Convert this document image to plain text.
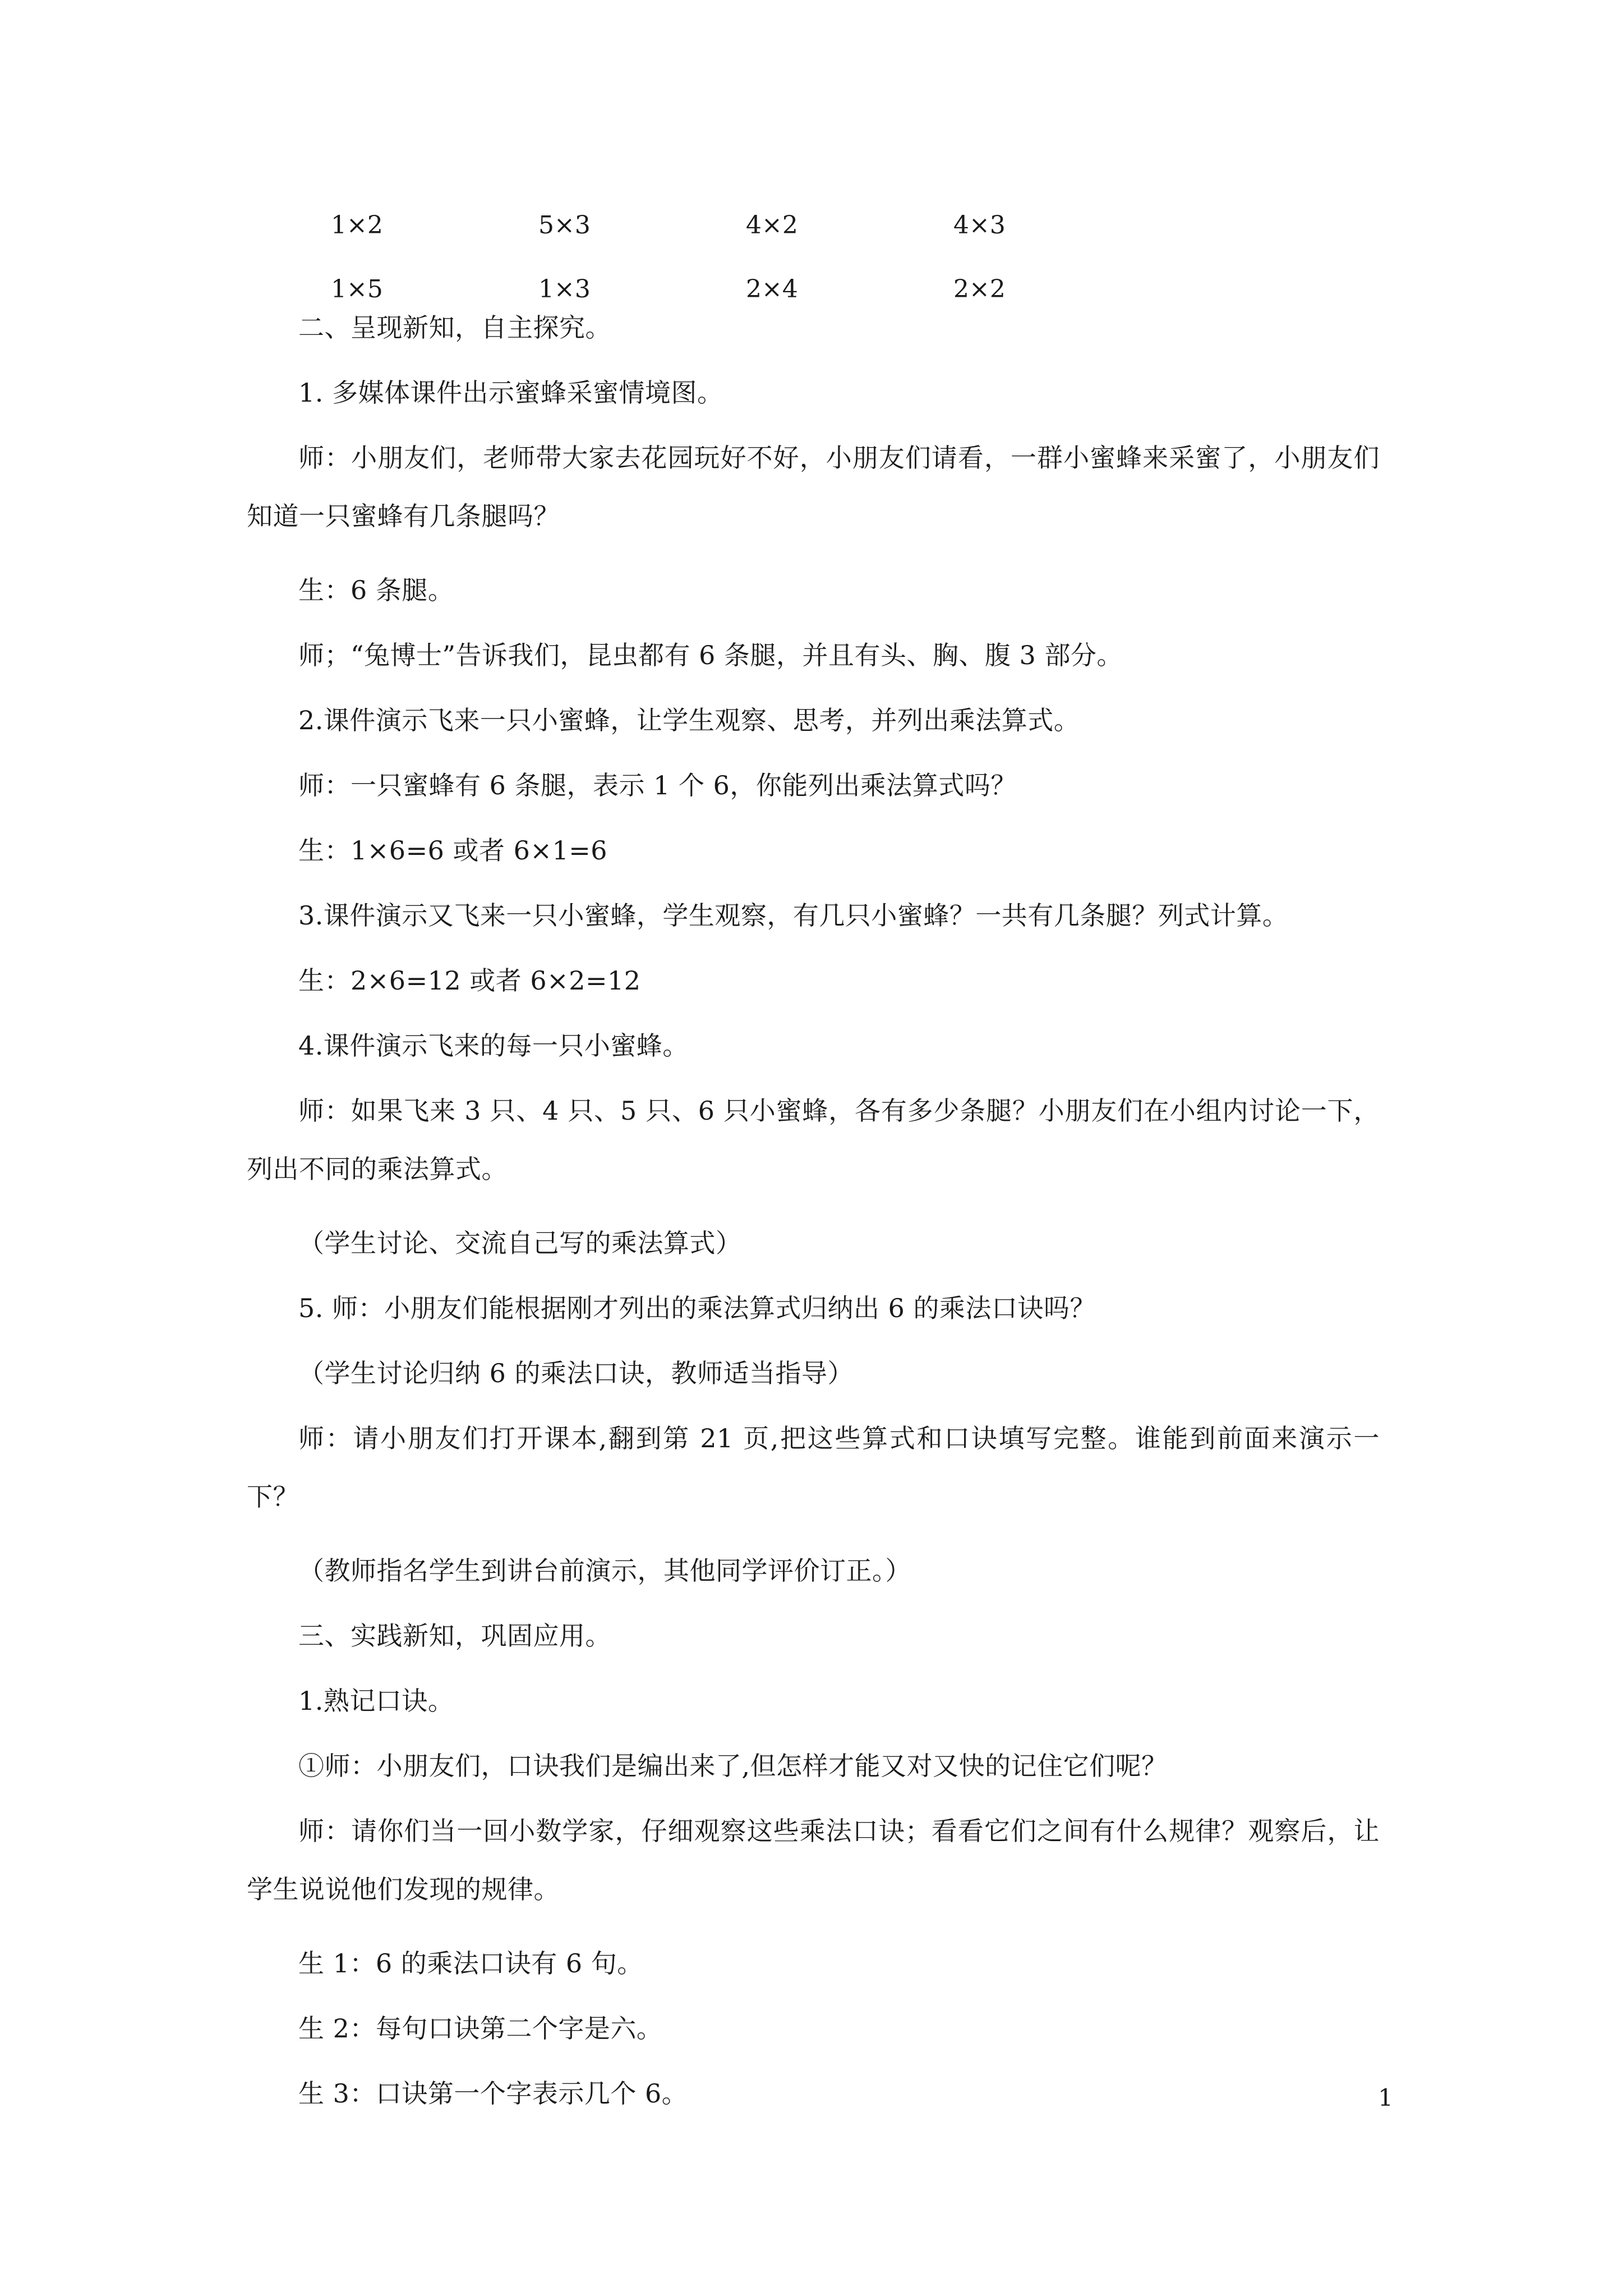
1×2	5×3	4×2	4×3
1×5	1×3	2×4	2×2

二、呈现新知，自主探究。

1. 多媒体课件出示蜜蜂采蜜情境图。

师：小朋友们，老师带大家去花园玩好不好，小朋友们请看，一群小蜜蜂来采蜜了，小朋友们知道一只蜜蜂有几条腿吗？

生：6 条腿。

师；“兔博士”告诉我们，昆虫都有 6 条腿，并且有头、胸、腹 3 部分。

2.课件演示飞来一只小蜜蜂，让学生观察、思考，并列出乘法算式。

师：一只蜜蜂有 6 条腿，表示 1 个 6，你能列出乘法算式吗？

生：1×6=6 或者 6×1=6

3.课件演示又飞来一只小蜜蜂，学生观察，有几只小蜜蜂？一共有几条腿？列式计算。

生：2×6=12 或者 6×2=12

4.课件演示飞来的每一只小蜜蜂。

师：如果飞来 3 只、4 只、5 只、6 只小蜜蜂，各有多少条腿？小朋友们在小组内讨论一下，列出不同的乘法算式。

（学生讨论、交流自己写的乘法算式）

5. 师：小朋友们能根据刚才列出的乘法算式归纳出 6 的乘法口诀吗？

（学生讨论归纳 6 的乘法口诀，教师适当指导）

师：请小朋友们打开课本,翻到第 21 页,把这些算式和口诀填写完整。谁能到前面来演示一下？

（教师指名学生到讲台前演示，其他同学评价订正。）

三、实践新知，巩固应用。

1.熟记口诀。

①师：小朋友们，口诀我们是编出来了,但怎样才能又对又快的记住它们呢？

师：请你们当一回小数学家，仔细观察这些乘法口诀；看看它们之间有什么规律？观察后，让学生说说他们发现的规律。

生 1：6 的乘法口诀有 6 句。

生 2：每句口诀第二个字是六。

生 3：口诀第一个字表示几个 6。	1
